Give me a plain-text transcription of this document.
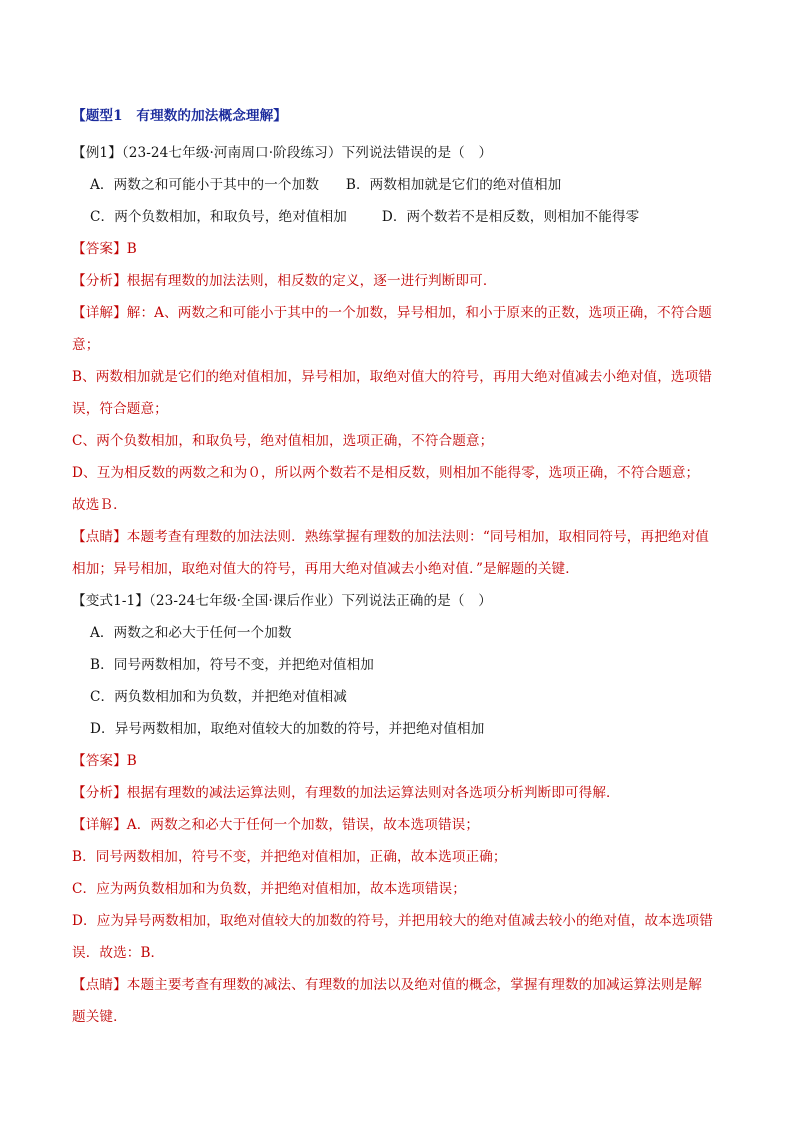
【题型1　有理数的加法概念理解】
【例1】（23-24七年级·河南周口·阶段练习）下列说法错误的是（　）
A．两数之和可能小于其中的一个加数 B．两数相加就是它们的绝对值相加
C．两个负数相加，和取负号，绝对值相加	D．两个数若不是相反数，则相加不能得零
【答案】B
【分析】根据有理数的加法法则，相反数的定义，逐一进行判断即可．
【详解】解：A、两数之和可能小于其中的一个加数，异号相加，和小于原来的正数，选项正确，不符合题
意；
B、两数相加就是它们的绝对值相加，异号相加，取绝对值大的符号，再用大绝对值减去小绝对值，选项错
误，符合题意；
C、两个负数相加，和取负号，绝对值相加，选项正确，不符合题意；
D、互为相反数的两数之和为０，所以两个数若不是相反数，则相加不能得零，选项正确，不符合题意；
故选Ｂ．
【点睛】本题考查有理数的加法法则．熟练掌握有理数的加法法则：“同号相加，取相同符号，再把绝对值
相加；异号相加，取绝对值大的符号，再用大绝对值减去小绝对值．”是解题的关键．
【变式1-1】（23-24七年级·全国·课后作业）下列说法正确的是（　）
A．两数之和必大于任何一个加数
B．同号两数相加，符号不变，并把绝对值相加
C．两负数相加和为负数，并把绝对值相减
D．异号两数相加，取绝对值较大的加数的符号，并把绝对值相加
【答案】B
【分析】根据有理数的减法运算法则，有理数的加法运算法则对各选项分析判断即可得解．
【详解】A．两数之和必大于任何一个加数，错误，故本选项错误；
B．同号两数相加，符号不变，并把绝对值相加，正确，故本选项正确；
C．应为两负数相加和为负数，并把绝对值相加，故本选项错误；
D．应为异号两数相加，取绝对值较大的加数的符号，并把用较大的绝对值减去较小的绝对值，故本选项错
误．故选：B．
【点睛】本题主要考查有理数的减法、有理数的加法以及绝对值的概念，掌握有理数的加减运算法则是解
题关键．
